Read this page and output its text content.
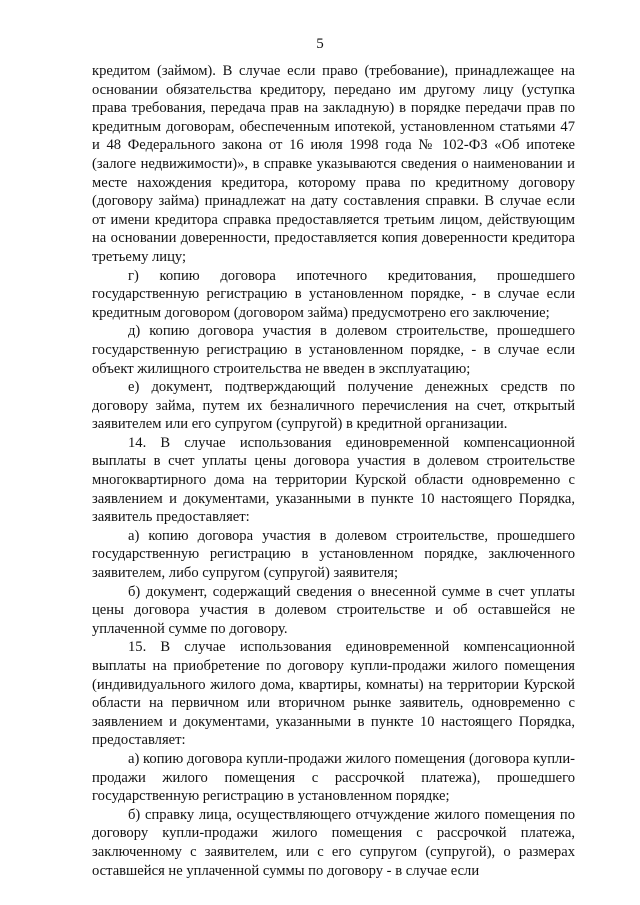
5

кредитом (займом). В случае если право (требование), принадлежащее на основании обязательства кредитору, передано им другому лицу (уступка права требования, передача прав на закладную) в порядке передачи прав по кредитным договорам, обеспеченным ипотекой, установленном статьями 47 и 48 Федерального закона от 16 июля 1998 года № 102-ФЗ «Об ипотеке (залоге недвижимости)», в справке указываются сведения о наименовании и месте нахождения кредитора, которому права по кредитному договору (договору займа) принадлежат на дату составления справки. В случае если от имени кредитора справка предоставляется третьим лицом, действующим на основании доверенности, предоставляется копия доверенности кредитора третьему лицу;

г) копию договора ипотечного кредитования, прошедшего государственную регистрацию в установленном порядке, - в случае если кредитным договором (договором займа) предусмотрено его заключение;

д) копию договора участия в долевом строительстве, прошедшего государственную регистрацию в установленном порядке, - в случае если объект жилищного строительства не введен в эксплуатацию;

е) документ, подтверждающий получение денежных средств по договору займа, путем их безналичного перечисления на счет, открытый заявителем или его супругом (супругой) в кредитной организации.

14. В случае использования единовременной компенсационной выплаты в счет уплаты цены договора участия в долевом строительстве многоквартирного дома на территории Курской области одновременно с заявлением и документами, указанными в пункте 10 настоящего Порядка, заявитель предоставляет:

а) копию договора участия в долевом строительстве, прошедшего государственную регистрацию в установленном порядке, заключенного заявителем, либо супругом (супругой) заявителя;

б) документ, содержащий сведения о внесенной сумме в счет уплаты цены договора участия в долевом строительстве и об оставшейся не уплаченной сумме по договору.

15. В случае использования единовременной компенсационной выплаты на приобретение по договору купли-продажи жилого помещения (индивидуального жилого дома, квартиры, комнаты) на территории Курской области на первичном или вторичном рынке заявитель, одновременно с заявлением и документами, указанными в пункте 10 настоящего Порядка, предоставляет:

а) копию договора купли-продажи жилого помещения (договора купли-продажи жилого помещения с рассрочкой платежа), прошедшего государственную регистрацию в установленном порядке;

б) справку лица, осуществляющего отчуждение жилого помещения по договору купли-продажи жилого помещения с рассрочкой платежа, заключенному с заявителем, или с его супругом (супругой), о размерах оставшейся не уплаченной суммы по договору - в случае если
